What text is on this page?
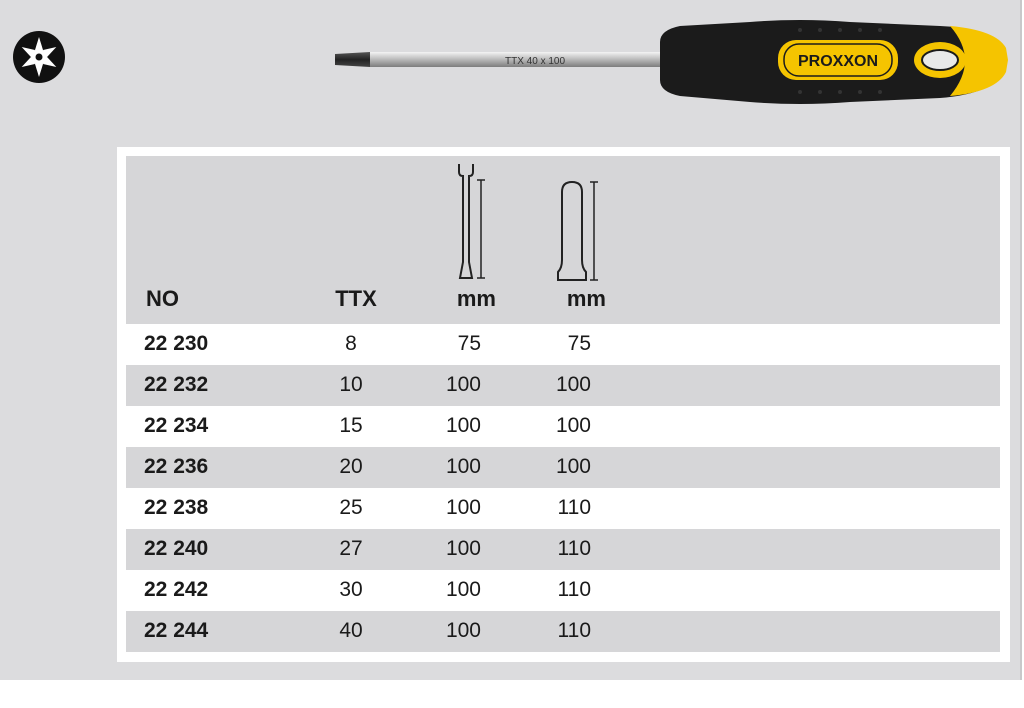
TTX 40 x 100	PROXXON
NO	TTX	mm	mm
22 230	8	75	75
22 232	10	100	100
22 234	15	100	100
22 236	20	100	100
22 238	25	100	110
22 240	27	100	110
22 242	30	100	110
22 244	40	100	110
